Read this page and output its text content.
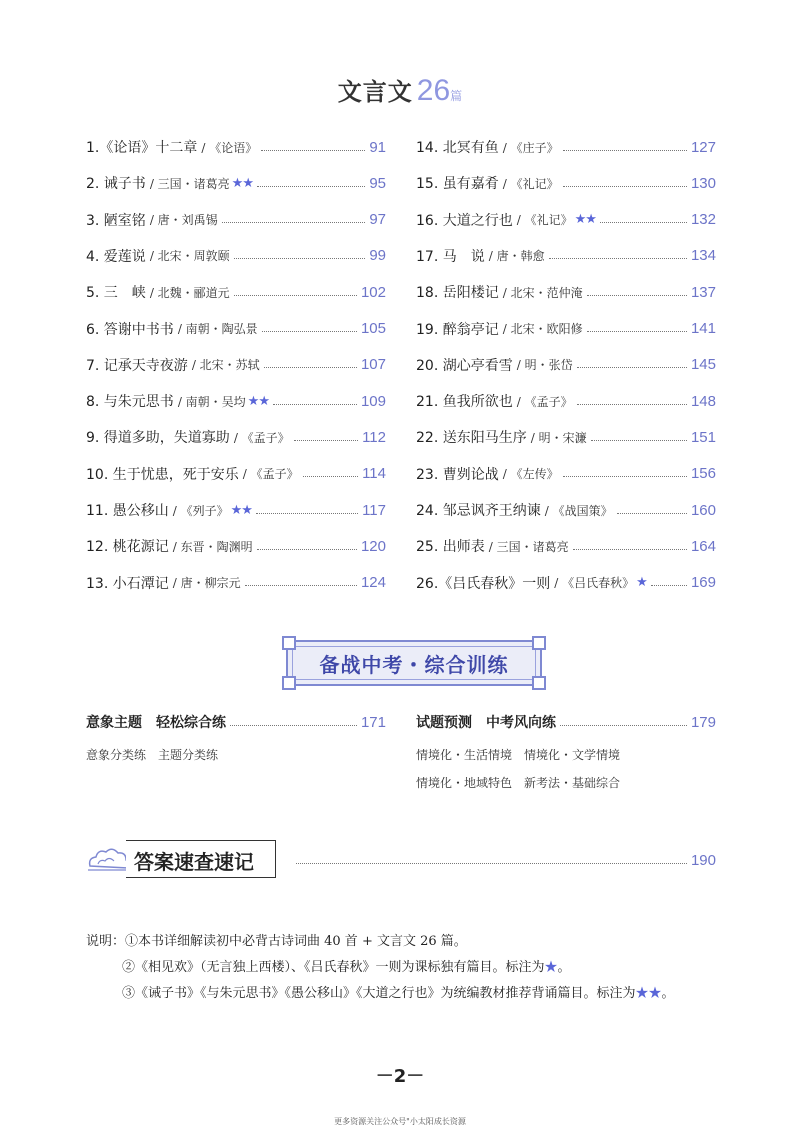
文言文 26篇
1.《论语》十二章 / 《论语》	91
2. 诫子书 / 三国・诸葛亮 ★★	95
3. 陋室铭 / 唐・刘禹锡	97
4. 爱莲说 / 北宋・周敦颐	99
5. 三　峡 / 北魏・郦道元	102
6. 答谢中书书 / 南朝・陶弘景	105
7. 记承天寺夜游 / 北宋・苏轼	107
8. 与朱元思书 / 南朝・吴均 ★★	109
9. 得道多助，失道寡助 / 《孟子》	112
10. 生于忧患，死于安乐 / 《孟子》	114
11. 愚公移山 / 《列子》 ★★	117
12. 桃花源记 / 东晋・陶渊明	120
13. 小石潭记 / 唐・柳宗元	124
14. 北冥有鱼 / 《庄子》	127
15. 虽有嘉肴 / 《礼记》	130
16. 大道之行也 / 《礼记》 ★★	132
17. 马　说 / 唐・韩愈	134
18. 岳阳楼记 / 北宋・范仲淹	137
19. 醉翁亭记 / 北宋・欧阳修	141
20. 湖心亭看雪 / 明・张岱	145
21. 鱼我所欲也 / 《孟子》	148
22. 送东阳马生序 / 明・宋濂	151
23. 曹刿论战 / 《左传》	156
24. 邹忌讽齐王纳谏 / 《战国策》	160
25. 出师表 / 三国・诸葛亮	164
26.《吕氏春秋》一则 / 《吕氏春秋》 ★	169
备战中考・综合训练
意象主题　轻松综合练	171
意象分类练　主题分类练
试题预测　中考风向练	179
情境化・生活情境　情境化・文学情境
情境化・地域特色　新考法・基础综合
答案速查速记	190
说明：①本书详细解读初中必背古诗词曲 40 首 + 文言文 26 篇。
②《相见欢》（无言独上西楼）、《吕氏春秋》一则为课标独有篇目。标注为★。
③《诫子书》《与朱元思书》《愚公移山》《大道之行也》为统编教材推荐背诵篇目。标注为★★。
－2－
更多资源关注公众号"小太阳成长资源
